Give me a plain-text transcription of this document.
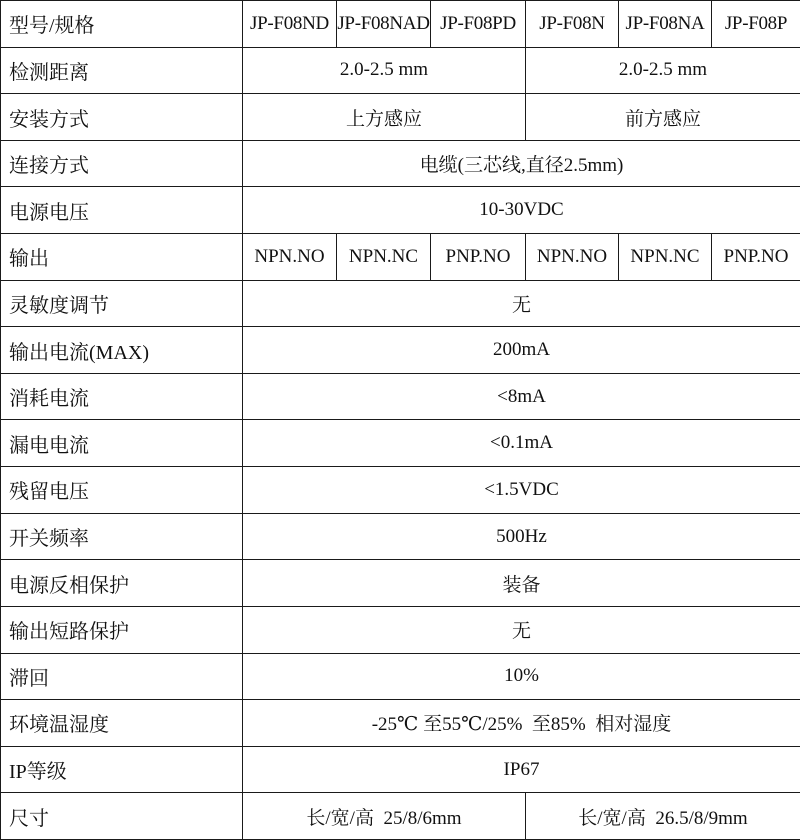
型号/规格	JP-F08ND	JP-F08NAD	JP-F08PD	JP-F08N	JP-F08NA	JP-F08P
检测距离	2.0-2.5 mm			2.0-2.5 mm		
安装方式	上方感应			前方感应		
连接方式	电缆(三芯线,直径2.5mm)					
电源电压	10-30VDC					
输出	NPN.NO	NPN.NC	PNP.NO	NPN.NO	NPN.NC	PNP.NO
灵敏度调节	无					
输出电流(MAX)	200mA					
消耗电流	<8mA					
漏电电流	<0.1mA					
残留电压	<1.5VDC					
开关频率	500Hz					
电源反相保护	装备					
输出短路保护	无					
滞回	10%					
环境温湿度	-25℃ 至55℃/25%  至85%  相对湿度					
IP等级	IP67					
尺寸	长/宽/高  25/8/6mm			长/宽/高  26.5/8/9mm		
